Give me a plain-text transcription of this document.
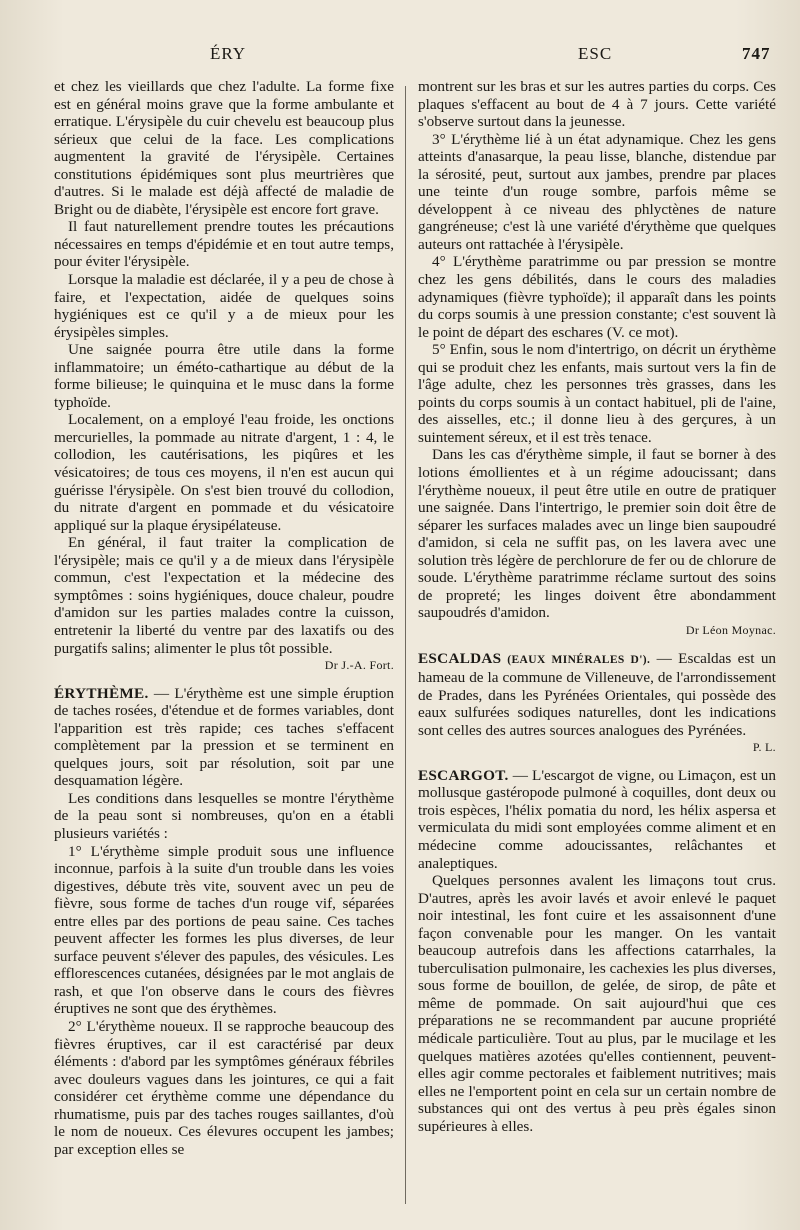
ÉRY	ESC	747

et chez les vieillards que chez l'adulte. La forme fixe est en général moins grave que la forme ambulante et erratique. L'érysipèle du cuir chevelu est beaucoup plus sérieux que celui de la face. Les complications augmentent la gravité de l'érysipèle. Certaines constitutions épidémiques sont plus meurtrières que d'autres. Si le malade est déjà affecté de maladie de Bright ou de diabète, l'érysipèle est encore fort grave.

Il faut naturellement prendre toutes les précautions nécessaires en temps d'épidémie et en tout autre temps, pour éviter l'érysipèle.

Lorsque la maladie est déclarée, il y a peu de chose à faire, et l'expectation, aidée de quelques soins hygiéniques est ce qu'il y a de mieux pour les érysipèles simples.

Une saignée pourra être utile dans la forme inflammatoire; un éméto-cathartique au début de la forme bilieuse; le quinquina et le musc dans la forme typhoïde.

Localement, on a employé l'eau froide, les onctions mercurielles, la pommade au nitrate d'argent, 1 : 4, le collodion, les cautérisations, les piqûres et les vésicatoires; de tous ces moyens, il n'en est aucun qui guérisse l'érysipèle. On s'est bien trouvé du collodion, du nitrate d'argent en pommade et du vésicatoire appliqué sur la plaque érysipélateuse.

En général, il faut traiter la complication de l'érysipèle; mais ce qu'il y a de mieux dans l'érysipèle commun, c'est l'expectation et la médecine des symptômes : soins hygiéniques, douce chaleur, poudre d'amidon sur les parties malades contre la cuisson, entretenir la liberté du ventre par des laxatifs ou des purgatifs salins; alimenter le plus tôt possible.

Dr J.-A. Fort.

ÉRYTHÈME. — L'érythème est une simple éruption de taches rosées, d'étendue et de formes variables, dont l'apparition est très rapide; ces taches s'effacent complètement par la pression et se terminent en quelques jours, soit par résolution, soit par une desquamation légère.

Les conditions dans lesquelles se montre l'érythème de la peau sont si nombreuses, qu'on en a établi plusieurs variétés :

1° L'érythème simple produit sous une influence inconnue, parfois à la suite d'un trouble dans les voies digestives, débute très vite, souvent avec un peu de fièvre, sous forme de taches d'un rouge vif, séparées entre elles par des portions de peau saine. Ces taches peuvent affecter les formes les plus diverses, de leur surface peuvent s'élever des papules, des vésicules. Les efflorescences cutanées, désignées par le mot anglais de rash, et que l'on observe dans le cours des fièvres éruptives ne sont que des érythèmes.

2° L'érythème noueux. Il se rapproche beaucoup des fièvres éruptives, car il est caractérisé par deux éléments : d'abord par les symptômes généraux fébriles avec douleurs vagues dans les jointures, ce qui a fait considérer cet érythème comme une dépendance du rhumatisme, puis par des taches rouges saillantes, d'où le nom de noueux. Ces élevures occupent les jambes; par exception elles se

montrent sur les bras et sur les autres parties du corps. Ces plaques s'effacent au bout de 4 à 7 jours. Cette variété s'observe surtout dans la jeunesse.

3° L'érythème lié à un état adynamique. Chez les gens atteints d'anasarque, la peau lisse, blanche, distendue par la sérosité, peut, surtout aux jambes, prendre par places une teinte d'un rouge sombre, parfois même se développent à ce niveau des phlyctènes de nature gangréneuse; c'est là une variété d'érythème que quelques auteurs ont rattachée à l'érysipèle.

4° L'érythème paratrimme ou par pression se montre chez les gens débilités, dans le cours des maladies adynamiques (fièvre typhoïde); il apparaît dans les points du corps soumis à une pression constante; c'est souvent là le point de départ des eschares (V. ce mot).

5° Enfin, sous le nom d'intertrigo, on décrit un érythème qui se produit chez les enfants, mais surtout vers la fin de l'âge adulte, chez les personnes très grasses, dans les points du corps soumis à un contact habituel, pli de l'aine, des aisselles, etc.; il donne lieu à des gerçures, à un suintement séreux, et il est très tenace.

Dans les cas d'érythème simple, il faut se borner à des lotions émollientes et à un régime adoucissant; dans l'érythème noueux, il peut être utile en outre de pratiquer une saignée. Dans l'intertrigo, le premier soin doit être de séparer les surfaces malades avec un linge bien saupoudré d'amidon, si cela ne suffit pas, on les lavera avec une solution très légère de perchlorure de fer ou de chlorure de soude. L'érythème paratrimme réclame surtout des soins de propreté; les linges doivent être abondamment saupoudrés d'amidon.

Dr Léon Moynac.

ESCALDAS (EAUX MINÉRALES D'). — Escaldas est un hameau de la commune de Villeneuve, de l'arrondissement de Prades, dans les Pyrénées Orientales, qui possède des eaux sulfurées sodiques naturelles, dont les indications sont celles des autres sources analogues des Pyrénées.

P. L.

ESCARGOT. — L'escargot de vigne, ou Limaçon, est un mollusque gastéropode pulmoné à coquilles, dont deux ou trois espèces, l'hélix pomatia du nord, les hélix aspersa et vermiculata du midi sont employées comme aliment et en médecine comme adoucissantes, relâchantes et analeptiques.

Quelques personnes avalent les limaçons tout crus. D'autres, après les avoir lavés et avoir enlevé le paquet noir intestinal, les font cuire et les assaisonnent d'une façon convenable pour les manger. On les vantait beaucoup autrefois dans les affections catarrhales, la tuberculisation pulmonaire, les cachexies les plus diverses, sous forme de bouillon, de gelée, de sirop, de pâte et même de pommade. On sait aujourd'hui que ces préparations ne se recommandent par aucune propriété médicale particulière. Tout au plus, par le mucilage et les quelques matières azotées qu'elles contiennent, peuvent-elles agir comme pectorales et faiblement nutritives; mais elles ne l'emportent point en cela sur un certain nombre de substances qui ont des vertus à peu près égales sinon supérieures à elles.
